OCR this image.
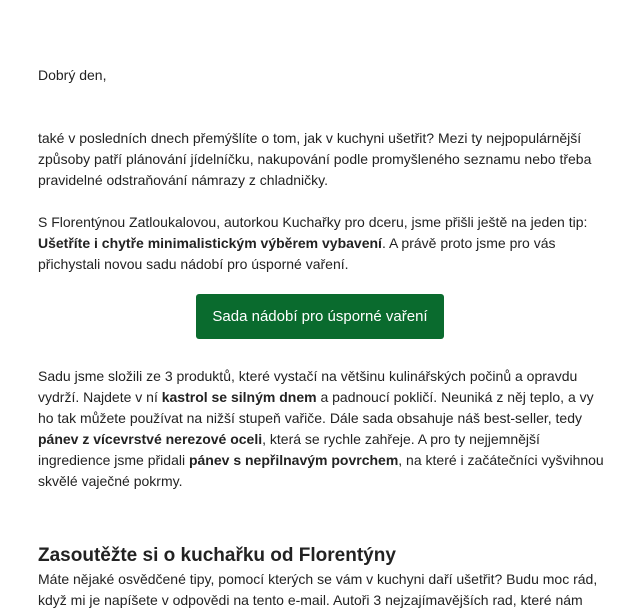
Dobrý den,

také v posledních dnech přemýšlíte o tom, jak v kuchyni ušetřit? Mezi ty nejpopulárnější způsoby patří plánování jídelníčku, nakupování podle promyšleného seznamu nebo třeba pravidelné odstraňování námrazy z chladničky.

S Florentýnou Zatloukalovou, autorkou Kuchařky pro dceru, jsme přišli ještě na jeden tip: Ušetříte i chytře minimalistickým výběrem vybavení. A právě proto jsme pro vás přichystali novou sadu nádobí pro úsporné vaření.

Sada nádobí pro úsporné vaření

Sadu jsme složili ze 3 produktů, které vystačí na většinu kulinářských počinů a opravdu vydrží. Najdete v ní kastrol se silným dnem a padnoucí pokličí. Neuniká z něj teplo, a vy ho tak můžete používat na nižší stupeň vařiče. Dále sada obsahuje náš best-seller, tedy pánev z vícevrstvé nerezové oceli, která se rychle zahřeje. A pro ty nejjemnější ingredience jsme přidali pánev s nepřilnavým povrchem, na které i začátečníci vyšvihnou skvělé vaječné pokrmy.

Zasoutěžte si o kuchařku od Florentýny

Máte nějaké osvědčené tipy, pomocí kterých se vám v kuchyni daří ušetřit? Budu moc rád, když mi je napíšete v odpovědi na tento e-mail. Autoři 3 nejzajímavějších rad, které nám
